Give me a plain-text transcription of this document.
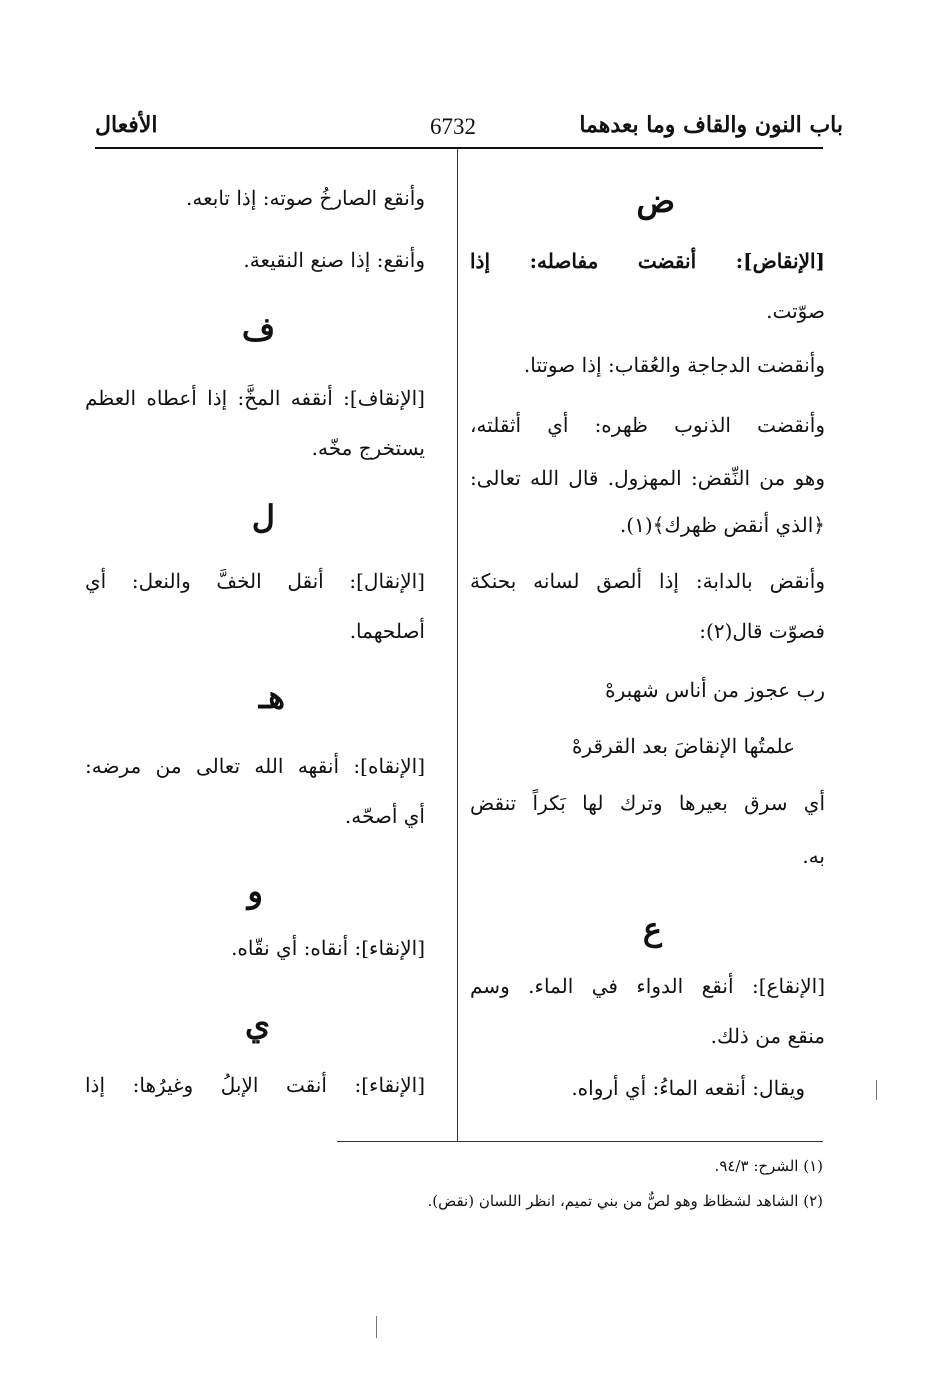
باب النون والقاف وما بعدهما
6732
الأفعال
ض
[الإنقاض]: أنقضت مفاصله: إذا
صوّتت.
وأنقضت الدجاجة والعُقاب: إذا صوتتا.
وأنقضت الذنوب ظهره: أي أثقلته،
وهو من النِّقض: المهزول. قال الله تعالى:
﴿الذي أنقض ظهرك﴾(١).
وأنقض بالدابة: إذا ألصق لسانه بحنكة
فصوّت قال(٢):
رب عجوز من أناس شهبرهْ
علمتُها الإنقاضَ بعد القرقرهْ
أي سرق بعيرها وترك لها بَكراً تنقض
به.
ع
[الإنقاع]: أنقع الدواء في الماء. وسم
منقع من ذلك.
ويقال: أنقعه الماءُ: أي أرواه.
وأنقع الصارخُ صوته: إذا تابعه.
وأنقع: إذا صنع النقيعة.
ف
[الإنقاف]: أنقفه المخَّ: إذا أعطاه العظم
يستخرج مخّه.
ل
[الإنقال]: أنقل الخفَّ والنعل: أي
أصلحهما.
هـ
[الإنقاه]: أنقهه الله تعالى من مرضه:
أي أصحّه.
و
[الإنقاء]: أنقاه: أي نقّاه.
ي
[الإنقاء]: أنقت الإبلُ وغيرُها: إذا
(١) الشرح: ٩٤/٣.
(٢) الشاهد لشظاظ وهو لصٌّ من بني تميم، انظر اللسان (نقض).
